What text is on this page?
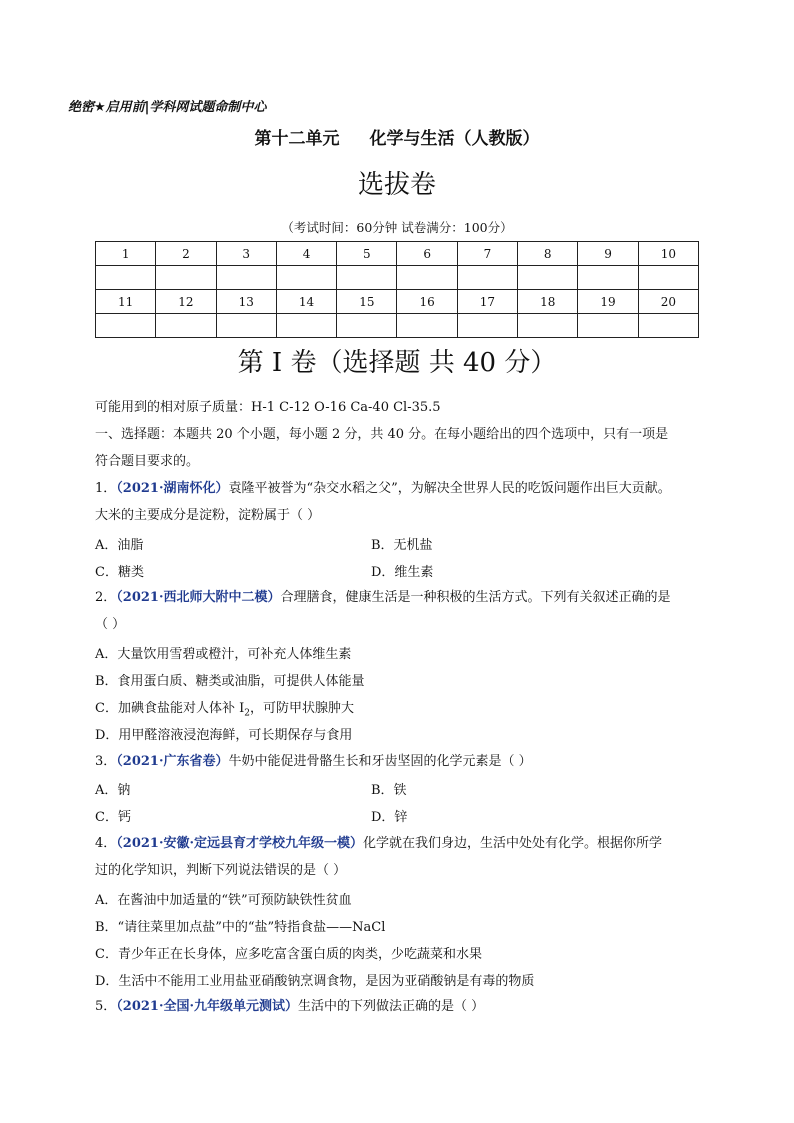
绝密★启用前|学科网试题命制中心
第十二单元 化学与生活（人教版）
选拔卷
（考试时间：60分钟 试卷满分：100分）
1	2	3	4	5	6	7	8	9	10

11	12	13	14	15	16	17	18	19	20

第 I 卷（选择题 共 40 分）
可能用到的相对原子质量：H-1 C-12 O-16 Ca-40 Cl-35.5
一、选择题：本题共 20 个小题，每小题 2 分，共 40 分。在每小题给出的四个选项中，只有一项是
符合题目要求的。
1．（2021·湖南怀化）袁隆平被誉为“杂交水稻之父”，为解决全世界人民的吃饭问题作出巨大贡献。
大米的主要成分是淀粉，淀粉属于（ ）
A．油脂	B．无机盐
C．糖类	D．维生素
2．（2021·西北师大附中二模）合理膳食，健康生活是一种积极的生活方式。下列有关叙述正确的是
（ ）
A．大量饮用雪碧或橙汁，可补充人体维生素
B．食用蛋白质、糖类或油脂，可提供人体能量
C．加碘食盐能对人体补 $I_2$，可防甲状腺肿大
D．用甲醛溶液浸泡海鲜，可长期保存与食用
3．（2021·广东省卷）牛奶中能促进骨骼生长和牙齿坚固的化学元素是（ ）
A．钠	B．铁
C．钙	D．锌
4．（2021·安徽·定远县育才学校九年级一模）化学就在我们身边，生活中处处有化学。根据你所学
过的化学知识，判断下列说法错误的是（ ）
A．在酱油中加适量的“铁”可预防缺铁性贫血
B．“请往菜里加点盐”中的“盐”特指食盐——NaCl
C．青少年正在长身体，应多吃富含蛋白质的肉类，少吃蔬菜和水果
D．生活中不能用工业用盐亚硝酸钠烹调食物，是因为亚硝酸钠是有毒的物质
5．（2021·全国·九年级单元测试）生活中的下列做法正确的是（ ）
